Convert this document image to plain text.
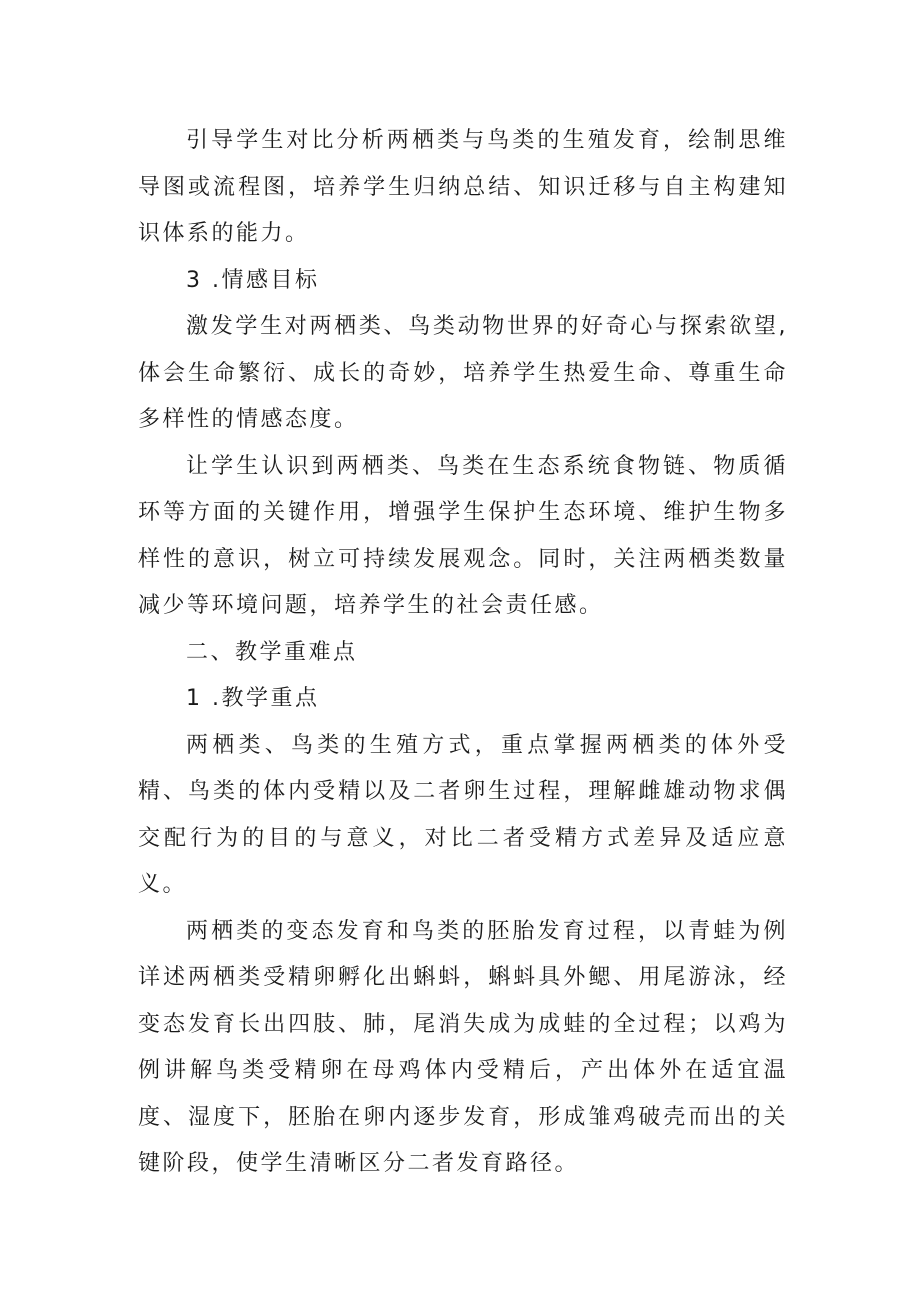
引导学生对比分析两栖类与鸟类的生殖发育，绘制思维导图或流程图，培养学生归纳总结、知识迁移与自主构建知识体系的能力。

3 .情感目标

激发学生对两栖类、鸟类动物世界的好奇心与探索欲望,体会生命繁衍、成长的奇妙，培养学生热爱生命、尊重生命多样性的情感态度。

让学生认识到两栖类、鸟类在生态系统食物链、物质循环等方面的关键作用，增强学生保护生态环境、维护生物多样性的意识，树立可持续发展观念。同时，关注两栖类数量减少等环境问题，培养学生的社会责任感。

二、教学重难点

1 .教学重点

两栖类、鸟类的生殖方式，重点掌握两栖类的体外受精、鸟类的体内受精以及二者卵生过程，理解雌雄动物求偶交配行为的目的与意义，对比二者受精方式差异及适应意义。

两栖类的变态发育和鸟类的胚胎发育过程，以青蛙为例详述两栖类受精卵孵化出蝌蚪，蝌蚪具外鳃、用尾游泳，经变态发育长出四肢、肺，尾消失成为成蛙的全过程；以鸡为例讲解鸟类受精卵在母鸡体内受精后，产出体外在适宜温度、湿度下，胚胎在卵内逐步发育，形成雏鸡破壳而出的关键阶段，使学生清晰区分二者发育路径。
